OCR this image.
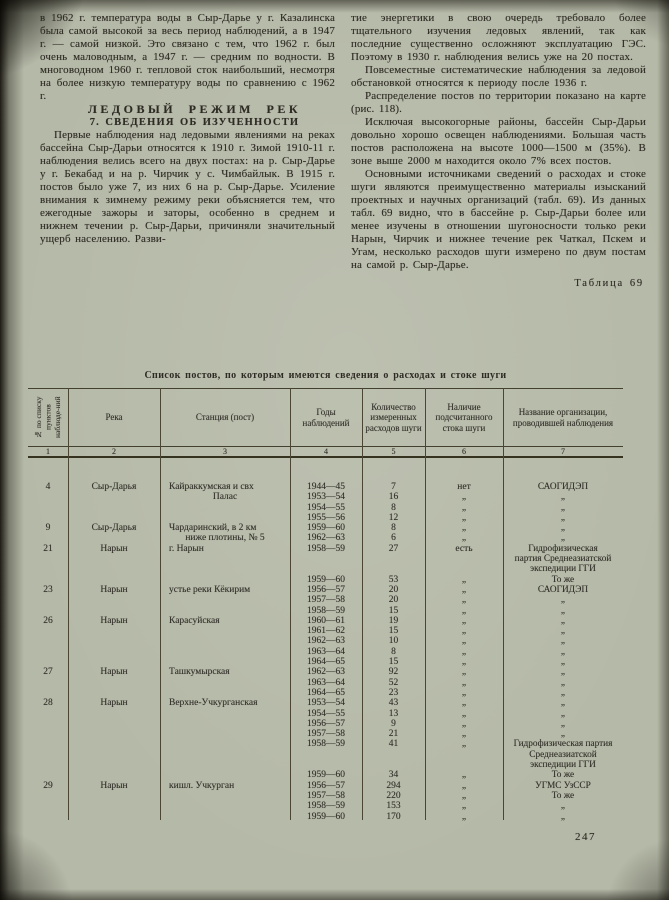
в 1962 г. температура воды в Сыр-Дарье у г. Казалинска была самой высокой за весь период наблюдений, а в 1947 г. — самой низкой. Это связано с тем, что 1962 г. был очень маловодным, а 1947 г. — средним по водности. В многоводном 1960 г. тепловой сток наибольший, несмотря на более низкую температуру воды по сравнению с 1962 г.

ЛЕДОВЫЙ РЕЖИМ РЕК

7. СВЕДЕНИЯ ОБ ИЗУЧЕННОСТИ

Первые наблюдения над ледовыми явлениями на реках бассейна Сыр-Дарьи относятся к 1910 г. Зимой 1910-11 г. наблюдения велись всего на двух постах: на р. Сыр-Дарье у г. Бекабад и на р. Чирчик у с. Чимбайлык. В 1915 г. постов было уже 7, из них 6 на р. Сыр-Дарье. Усиление внимания к зимнему режиму реки объясняется тем, что ежегодные зажоры и заторы, особенно в среднем и нижнем течении р. Сыр-Дарьи, причиняли значительный ущерб населению. Разви-

тие энергетики в свою очередь требовало более тщательного изучения ледовых явлений, так как последние существенно осложняют эксплуатацию ГЭС. Поэтому в 1930 г. наблюдения велись уже на 20 постах.

Повсеместные систематические наблюдения за ледовой обстановкой относятся к периоду после 1936 г.

Распределение постов по территории показано на карте (рис. 118).

Исключая высокогорные районы, бассейн Сыр-Дарьи довольно хорошо освещен наблюдениями. Большая часть постов расположена на высоте 1000—1500 м (35%). В зоне выше 2000 м находится около 7% всех постов.

Основными источниками сведений о расходах и стоке шуги являются преимущественно материалы изысканий проектных и научных организаций (табл. 69). Из данных табл. 69 видно, что в бассейне р. Сыр-Дарьи более или менее изучены в отношении шугоносности только реки Нарын, Чирчик и нижнее течение рек Чаткал, Пскем и Угам, несколько расходов шуги измерено по двум постам на самой р. Сыр-Дарье.

Таблица 69
Список постов, по которым имеются сведения о расходах и стоке шуги
№ по списку пунктов наблюде-ний	Река	Станция (пост)
Годы наблюдений
Количество измеренных расходов шуги
Наличие подсчитанного стока шуги
Название организации, проводившей наблюдения
1	2	3	4	5	6	7
4	Сыр-Дарья	Кайраккумская и свх	1944—45	7	нет	САОГИДЭП
Палас	1953—54	16	„	„
1954—55	8	„	„
1955—56	12	„	„
9	Сыр-Дарья	Чардаринский, в 2 км	1959—60	8	„	„
ниже плотины, № 5	1962—63	6	„	„
21	Нарын	г. Нарын	1958—59	27	есть	Гидрофизическая
партия Среднеазиатской
экспедиции ГГИ
1959—60	53	„	То же
23	Нарын	устье реки Кёкирим	1956—57	20	„	САОГИДЭП
1957—58	20	„	„
1958—59	15	„	„
26	Нарын	Карасуйская	1960—61	19	„	„
1961—62	15	„	„
1962—63	10	„	„
1963—64	8	„	„
1964—65	15	„	„
27	Нарын	Ташкумырская	1962—63	92	„	„
1963—64	52	„	„
1964—65	23	„	„
28	Нарын	Верхне-Учкурганская	1953—54	43	„	„
1954—55	13	„	„
1956—57	9	„	„
1957—58	21	„	„
1958—59	41	„	Гидрофизическая партия
Среднеазиатской
экспедиции ГГИ
1959—60	34	„	То же
29	Нарын	кишл. Учкурган	1956—57	294	„	УГМС УзССР
1957—58	220	„	То же
1958—59	153	„	„
1959—60	170	„	„
247
